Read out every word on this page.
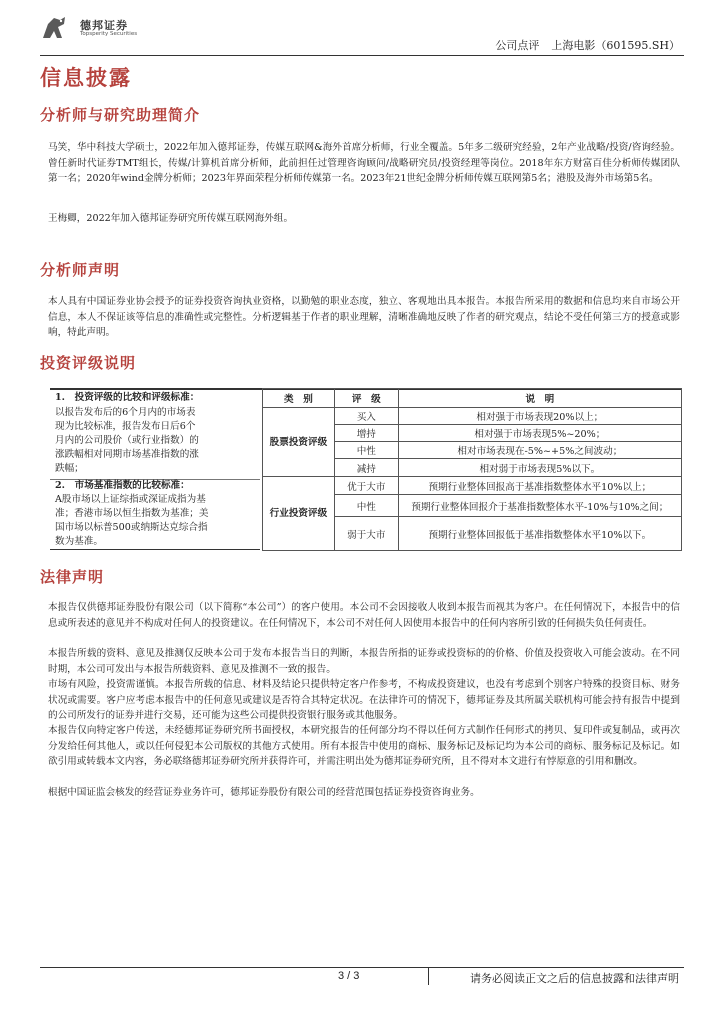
德邦证券
Topsperity Securities
公司点评 上海电影（601595.SH）
信息披露
分析师与研究助理简介
马笑，华中科技大学硕士，2022年加入德邦证券，传媒互联网&海外首席分析师，行业全覆盖。5年多二级研究经验，2年产业战略/投资/咨询经验。曾任新时代证券TMT组长，传媒/计算机首席分析师，此前担任过管理咨询顾问/战略研究员/投资经理等岗位。2018年东方财富百佳分析师传媒团队第一名；2020年wind金牌分析师；2023年界面荣程分析师传媒第一名。2023年21世纪金牌分析师传媒互联网第5名；港股及海外市场第5名。
王梅卿，2022年加入德邦证券研究所传媒互联网海外组。
分析师声明
本人具有中国证券业协会授予的证券投资咨询执业资格，以勤勉的职业态度，独立、客观地出具本报告。本报告所采用的数据和信息均来自市场公开信息，本人不保证该等信息的准确性或完整性。分析逻辑基于作者的职业理解，清晰准确地反映了作者的研究观点，结论不受任何第三方的授意或影响，特此声明。
投资评级说明
1.　投资评级的比较和评级标准：
以报告发布后的6个月内的市场表
现为比较标准，报告发布日后6个
月内的公司股价（或行业指数）的
涨跌幅相对同期市场基准指数的涨
跌幅；
2.　市场基准指数的比较标准：
A股市场以上证综指或深证成指为基
准；香港市场以恒生指数为基准；美
国市场以标普500或纳斯达克综合指
数为基准。
类　别	评　级	说　明
股票投资评级	买入	相对强于市场表现20%以上；
	增持	相对强于市场表现5%~20%；
	中性	相对市场表现在-5%~+5%之间波动；
	减持	相对弱于市场表现5%以下。
行业投资评级	优于大市	预期行业整体回报高于基准指数整体水平10%以上；
	中性	预期行业整体回报介于基准指数整体水平-10%与10%之间；
	弱于大市	预期行业整体回报低于基准指数整体水平10%以下。
法律声明
本报告仅供德邦证券股份有限公司（以下简称“本公司”）的客户使用。本公司不会因接收人收到本报告而视其为客户。在任何情况下，本报告中的信息或所表述的意见并不构成对任何人的投资建议。在任何情况下，本公司不对任何人因使用本报告中的任何内容所引致的任何损失负任何责任。
本报告所载的资料、意见及推测仅反映本公司于发布本报告当日的判断，本报告所指的证券或投资标的的价格、价值及投资收入可能会波动。在不同时期，本公司可发出与本报告所载资料、意见及推测不一致的报告。
市场有风险，投资需谨慎。本报告所载的信息、材料及结论只提供特定客户作参考，不构成投资建议，也没有考虑到个别客户特殊的投资目标、财务状况或需要。客户应考虑本报告中的任何意见或建议是否符合其特定状况。在法律许可的情况下，德邦证券及其所属关联机构可能会持有报告中提到的公司所发行的证券并进行交易，还可能为这些公司提供投资银行服务或其他服务。
本报告仅向特定客户传送，未经德邦证券研究所书面授权，本研究报告的任何部分均不得以任何方式制作任何形式的拷贝、复印件或复制品，或再次分发给任何其他人，或以任何侵犯本公司版权的其他方式使用。所有本报告中使用的商标、服务标记及标记均为本公司的商标、服务标记及标记。如欲引用或转载本文内容，务必联络德邦证券研究所并获得许可，并需注明出处为德邦证券研究所，且不得对本文进行有悖原意的引用和删改。
根据中国证监会核发的经营证券业务许可，德邦证券股份有限公司的经营范围包括证券投资咨询业务。
3 / 3	请务必阅读正文之后的信息披露和法律声明
